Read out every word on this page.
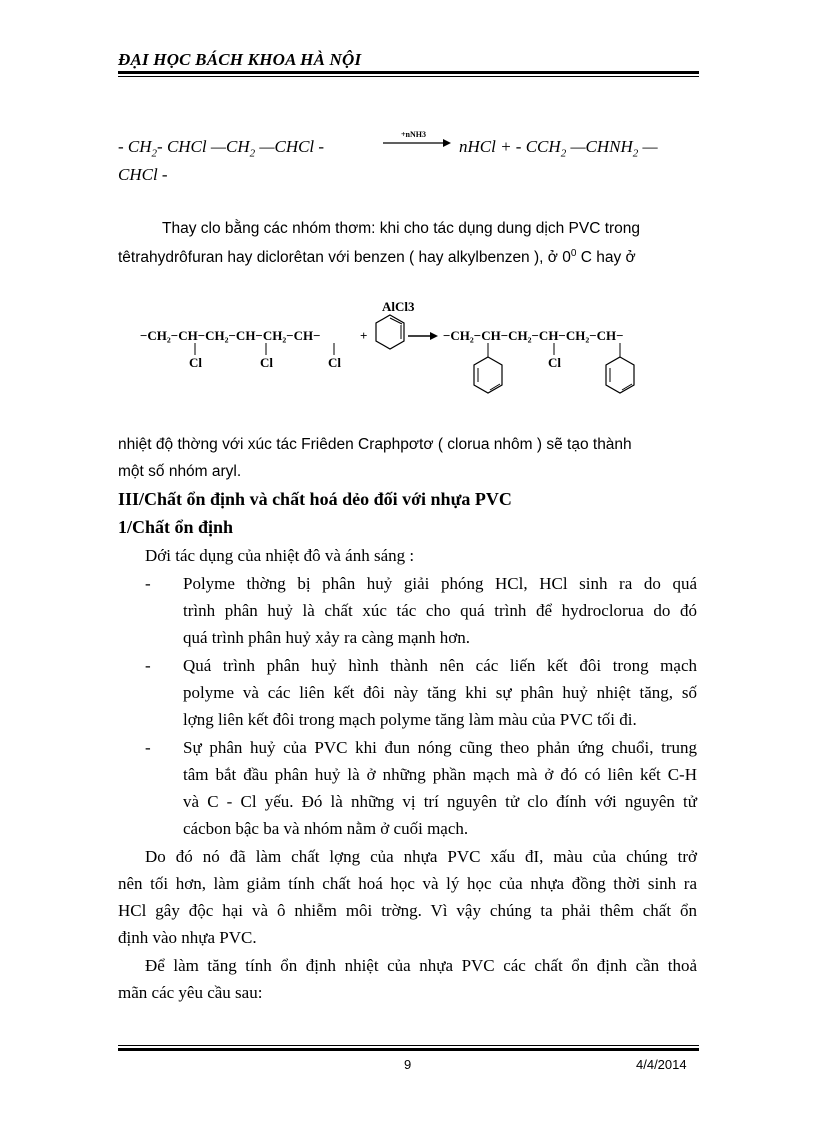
ĐẠI HỌC BÁCH KHOA HÀ NỘI
- $CH_2-$ CHCl $—CH_2$ —CHCl -
+nNH3
nHCl + - $CCH_2$ $—CHNH_2$ —
CHCl -
Thay clo bằng các nhóm thơm: khi cho tác dụng dung dịch PVC trong
têtrahydrôfuran hay diclorêtan với benzen ( hay alkylbenzen ), ở $0^0$ C hay ở
AlCl3
−CH₂−CH−CH₂−CH−CH₂−CH−
Cl	Cl	Cl
+	−CH₂−CH−CH₂−CH−CH₂−CH−
Cl
nhiệt độ thờng với xúc tác Friêden Craphpơtơ ( clorua nhôm ) sẽ tạo thành
một số nhóm aryl.
III/Chất ổn định và chất hoá dẻo đối với nhựa PVC
1/Chất ổn định
Dới tác dụng của nhiệt đô và ánh sáng :
- Polyme thờng bị phân huỷ giải phóng HCl, HCl sinh ra do quá
trình phân huỷ là chất xúc tác cho quá trình để hydroclorua do đó
quá trình phân huỷ xảy ra càng mạnh hơn.
- Quá trình phân huỷ hình thành nên các liến kết đôi trong mạch
polyme và các liên kết đôi này tăng khi sự phân huỷ nhiệt tăng, số
lợng liên kết đôi trong mạch polyme tăng làm màu của PVC tối đi.
- Sự phân huỷ của PVC khi đun nóng cũng theo phản ứng chuổi, trung
tâm bắt đầu phân huỷ là ở những phần mạch mà ở đó có liên kết C-H
và C - Cl yếu. Đó là những vị trí nguyên tử clo đính với nguyên tử
cácbon bậc ba và nhóm nằm ở cuối mạch.
Do đó nó đã làm chất lợng của nhựa PVC xấu đI, màu của chúng trở
nên tối hơn, làm giảm tính chất hoá học và lý học của nhựa đồng thời sinh ra
HCl gây độc hại và ô nhiễm môi trờng. Vì vậy chúng ta phải thêm chất ổn
định vào nhựa PVC.
Để làm tăng tính ổn định nhiệt của nhựa PVC các chất ổn định cần thoả
mãn các yêu cầu sau:
9	4/4/2014
